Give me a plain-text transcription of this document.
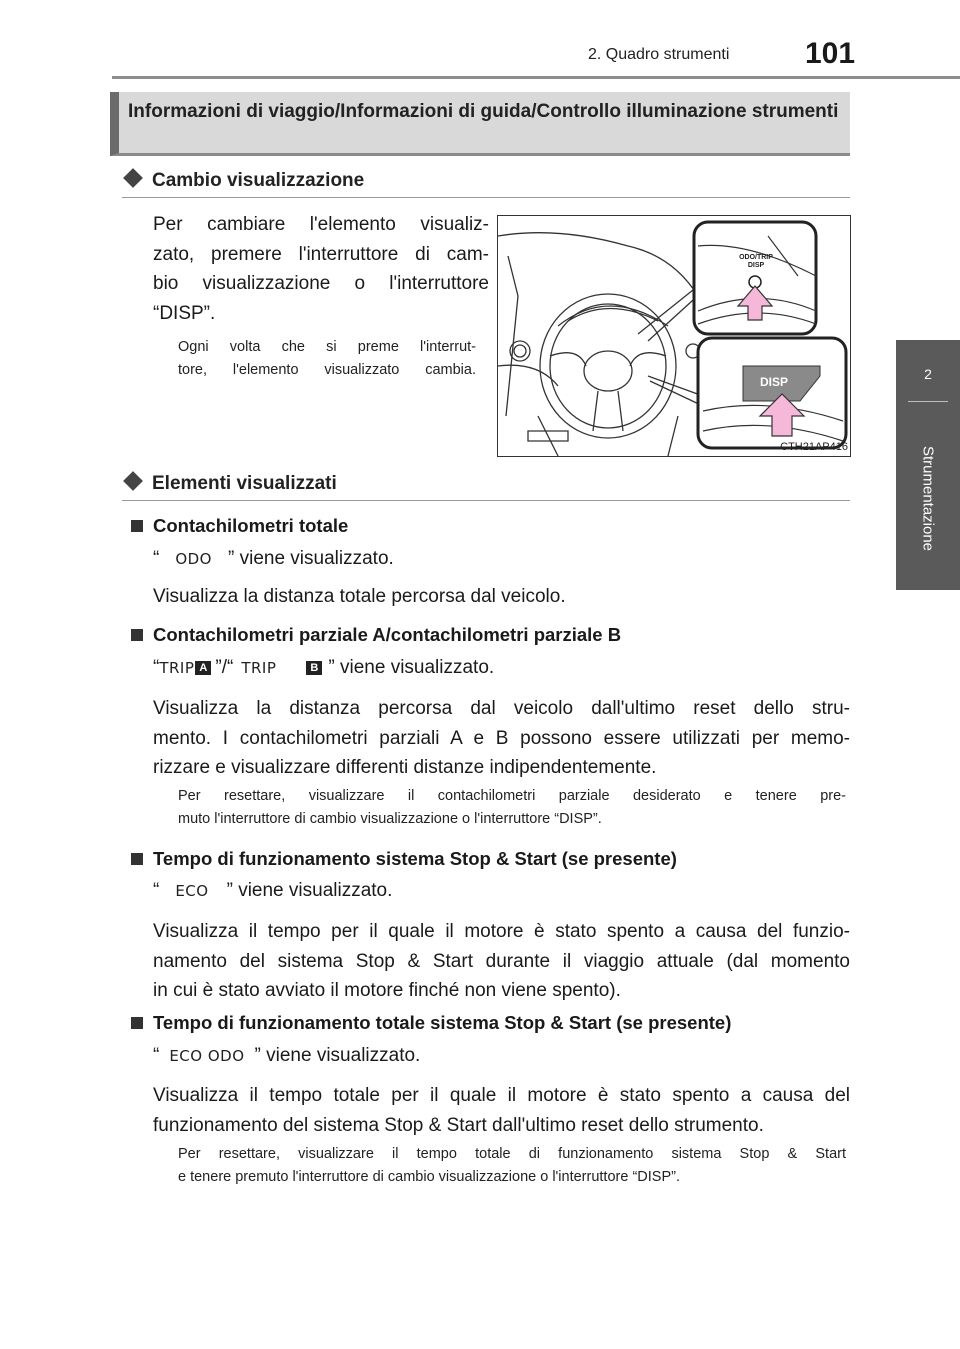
2. Quadro strumenti	101
2
Strumentazione
Informazioni di viaggio/Informazioni di guida/Controllo illuminazione strumenti
Cambio visualizzazione
Per cambiare l'elemento visualiz-
zato, premere l'interruttore di cam-
bio visualizzazione o l'interruttore
“DISP”.
Ogni volta che si preme l'interrut-
tore, l'elemento visualizzato cambia.
ODO/TRIP
DISP
DISP
CTH21AP416
Elementi visualizzati
Contachilometri totale
“ ODO ” viene visualizzato.
Visualizza la distanza totale percorsa dal veicolo.
Contachilometri parziale A/contachilometri parziale B
“TRIP A ”/“ TRIP	B ” viene visualizzato.
Visualizza la distanza percorsa dal veicolo dall'ultimo reset dello stru-
mento. I contachilometri parziali A e B possono essere utilizzati per memo-
rizzare e visualizzare differenti distanze indipendentemente.
Per resettare, visualizzare il contachilometri parziale desiderato e tenere pre-
muto l'interruttore di cambio visualizzazione o l'interruttore “DISP”.
Tempo di funzionamento sistema Stop & Start (se presente)
“ ECO ” viene visualizzato.
Visualizza il tempo per il quale il motore è stato spento a causa del funzio-
namento del sistema Stop & Start durante il viaggio attuale (dal momento
in cui è stato avviato il motore finché non viene spento).
Tempo di funzionamento totale sistema Stop & Start (se presente)
“ ECO ODO ” viene visualizzato.
Visualizza il tempo totale per il quale il motore è stato spento a causa del
funzionamento del sistema Stop & Start dall'ultimo reset dello strumento.
Per resettare, visualizzare il tempo totale di funzionamento sistema Stop & Start
e tenere premuto l'interruttore di cambio visualizzazione o l'interruttore “DISP”.
